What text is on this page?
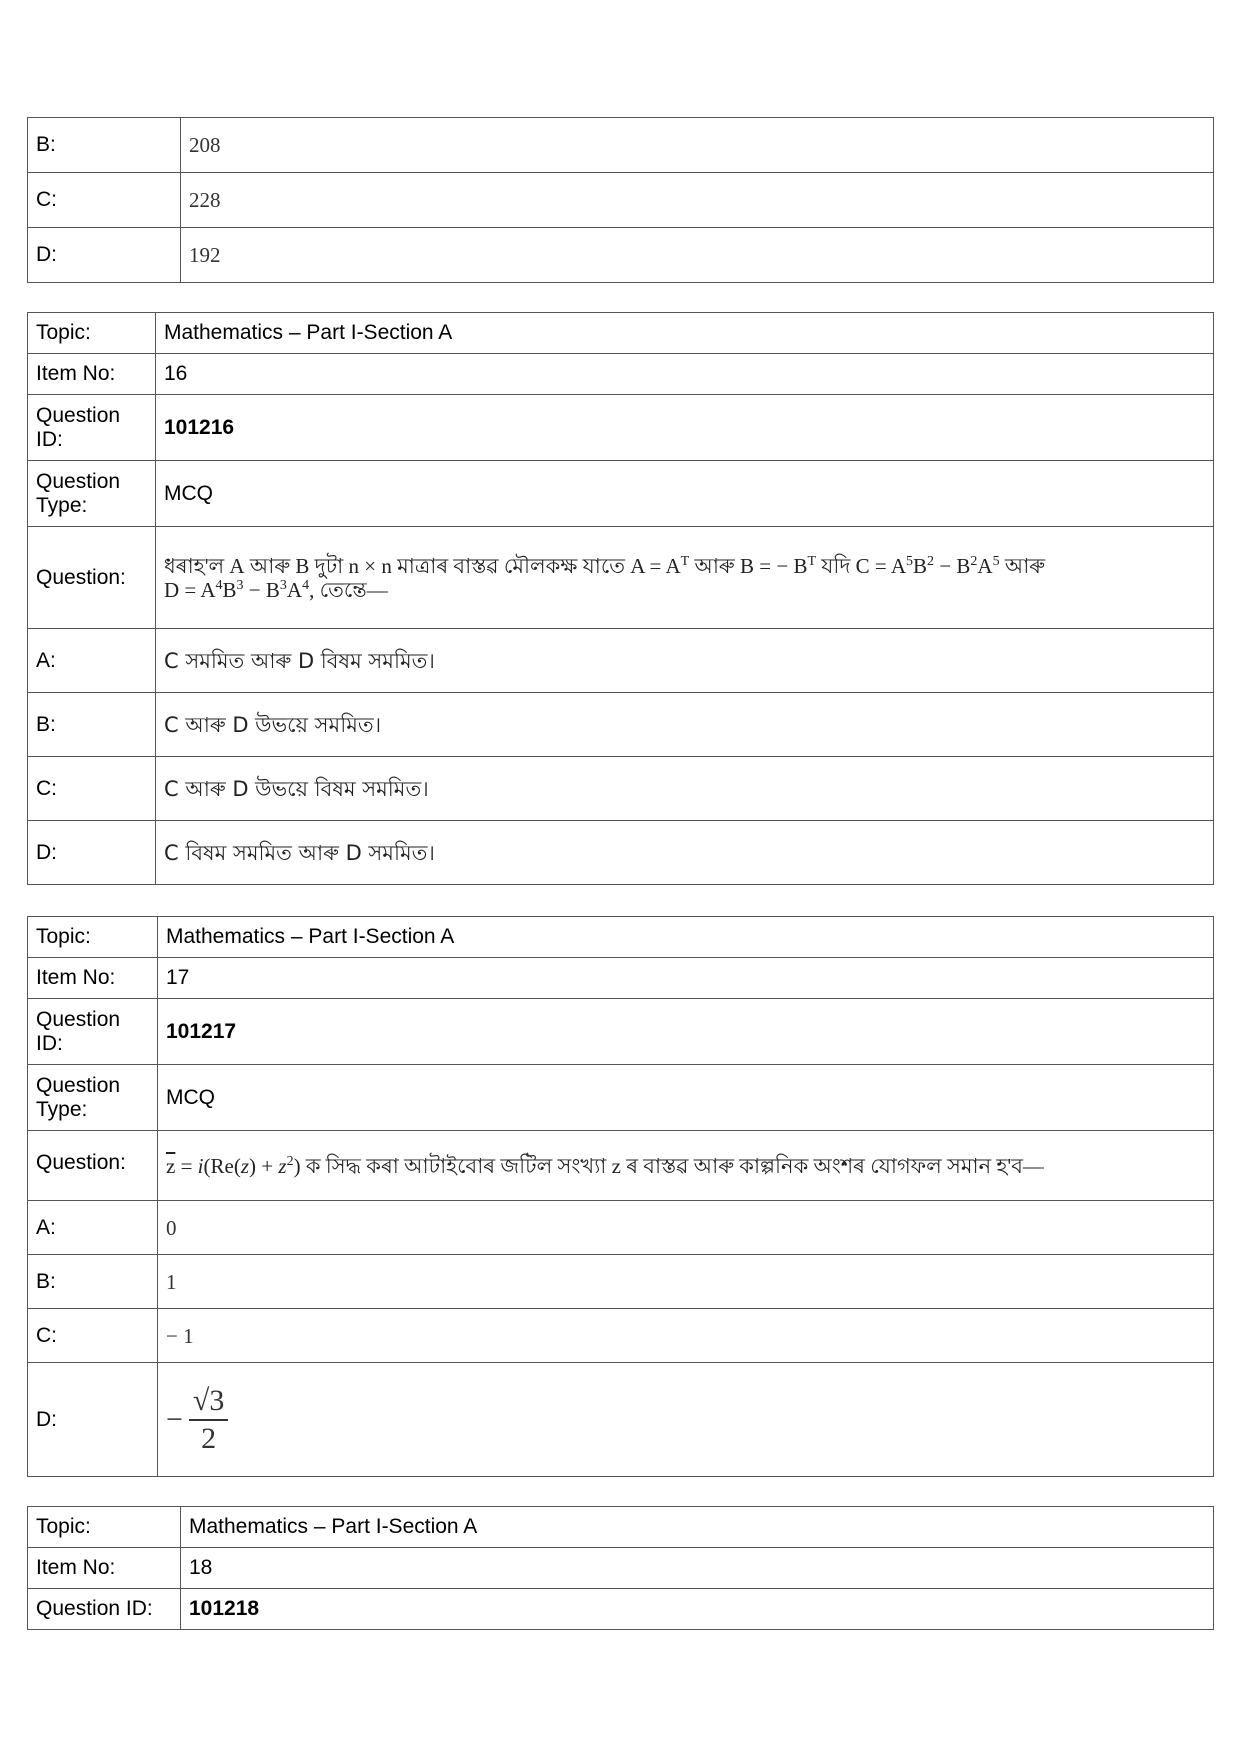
B:	208
C:	228
D:	192
Topic:	Mathematics – Part I-Section A
Item No:	16
Question ID:	101216
Question Type:	MCQ
Question:	ধৰাহ'ল A আৰু B দুটা n × n মাত্ৰাৰ বাস্তৱ মৌলকক্ষ যাতে $A = A^T$ আৰু B = − $B^T$ যদি $C = A^5B^2 - B^2A^5$ আৰু
$D = A^4B^3 - B^3A^4$, তেন্তে—
A:	C সমমিত আৰু D বিষম সমমিত।
B:	C আৰু D উভয়ে সমমিত।
C:	C আৰু D উভয়ে বিষম সমমিত।
D:	C বিষম সমমিত আৰু D সমমিত।
Topic:	Mathematics – Part I-Section A
Item No:	17
Question ID:	101217
Question Type:	MCQ
Question:	$\overline{z} = i(Re(z) + z^2)$ ক সিদ্ধ কৰা আটাইবোৰ জটিল সংখ্যা z ৰ বাস্তৱ আৰু কাল্পনিক অংশৰ যোগফল সমান হ'ব—
A:	0
B:	1
C:	− 1
D:	− $\frac{√3}{2}$
Topic:	Mathematics – Part I-Section A
Item No:	18
Question ID:	101218
